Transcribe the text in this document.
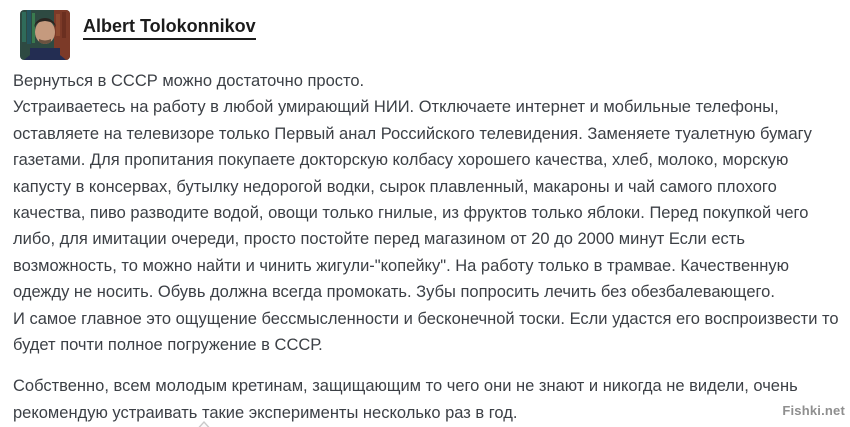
Albert Tolokonnikov
Вернуться в СССР можно достаточно просто.
Устраиваетесь на работу в любой умирающий НИИ. Отключаете интернет и мобильные телефоны, оставляете на телевизоре только Первый анал Российского телевидения. Заменяете туалетную бумагу газетами. Для пропитания покупаете докторскую колбасу хорошего качества, хлеб, молоко, морскую капусту в консервах, бутылку недорогой водки, сырок плавленный, макароны и чай самого плохого качества, пиво разводите водой, овощи только гнилые, из фруктов только яблоки. Перед покупкой чего либо, для имитации очереди, просто постойте перед магазином от 20 до 2000 минут Если есть возможность, то можно найти и чинить жигули-"копейку". На работу только в трамвае. Качественную одежду не носить. Обувь должна всегда промокать. Зубы попросить лечить без обезбалевающего.
И самое главное это ощущение бессмысленности и бесконечной тоски. Если удастся его воспроизвести то будет почти полное погружение в СССР.
Собственно, всем молодым кретинам, защищающим то чего они не знают и никогда не видели, очень рекомендую устраивать такие эксперименты несколько раз в год.	Fishki.net
